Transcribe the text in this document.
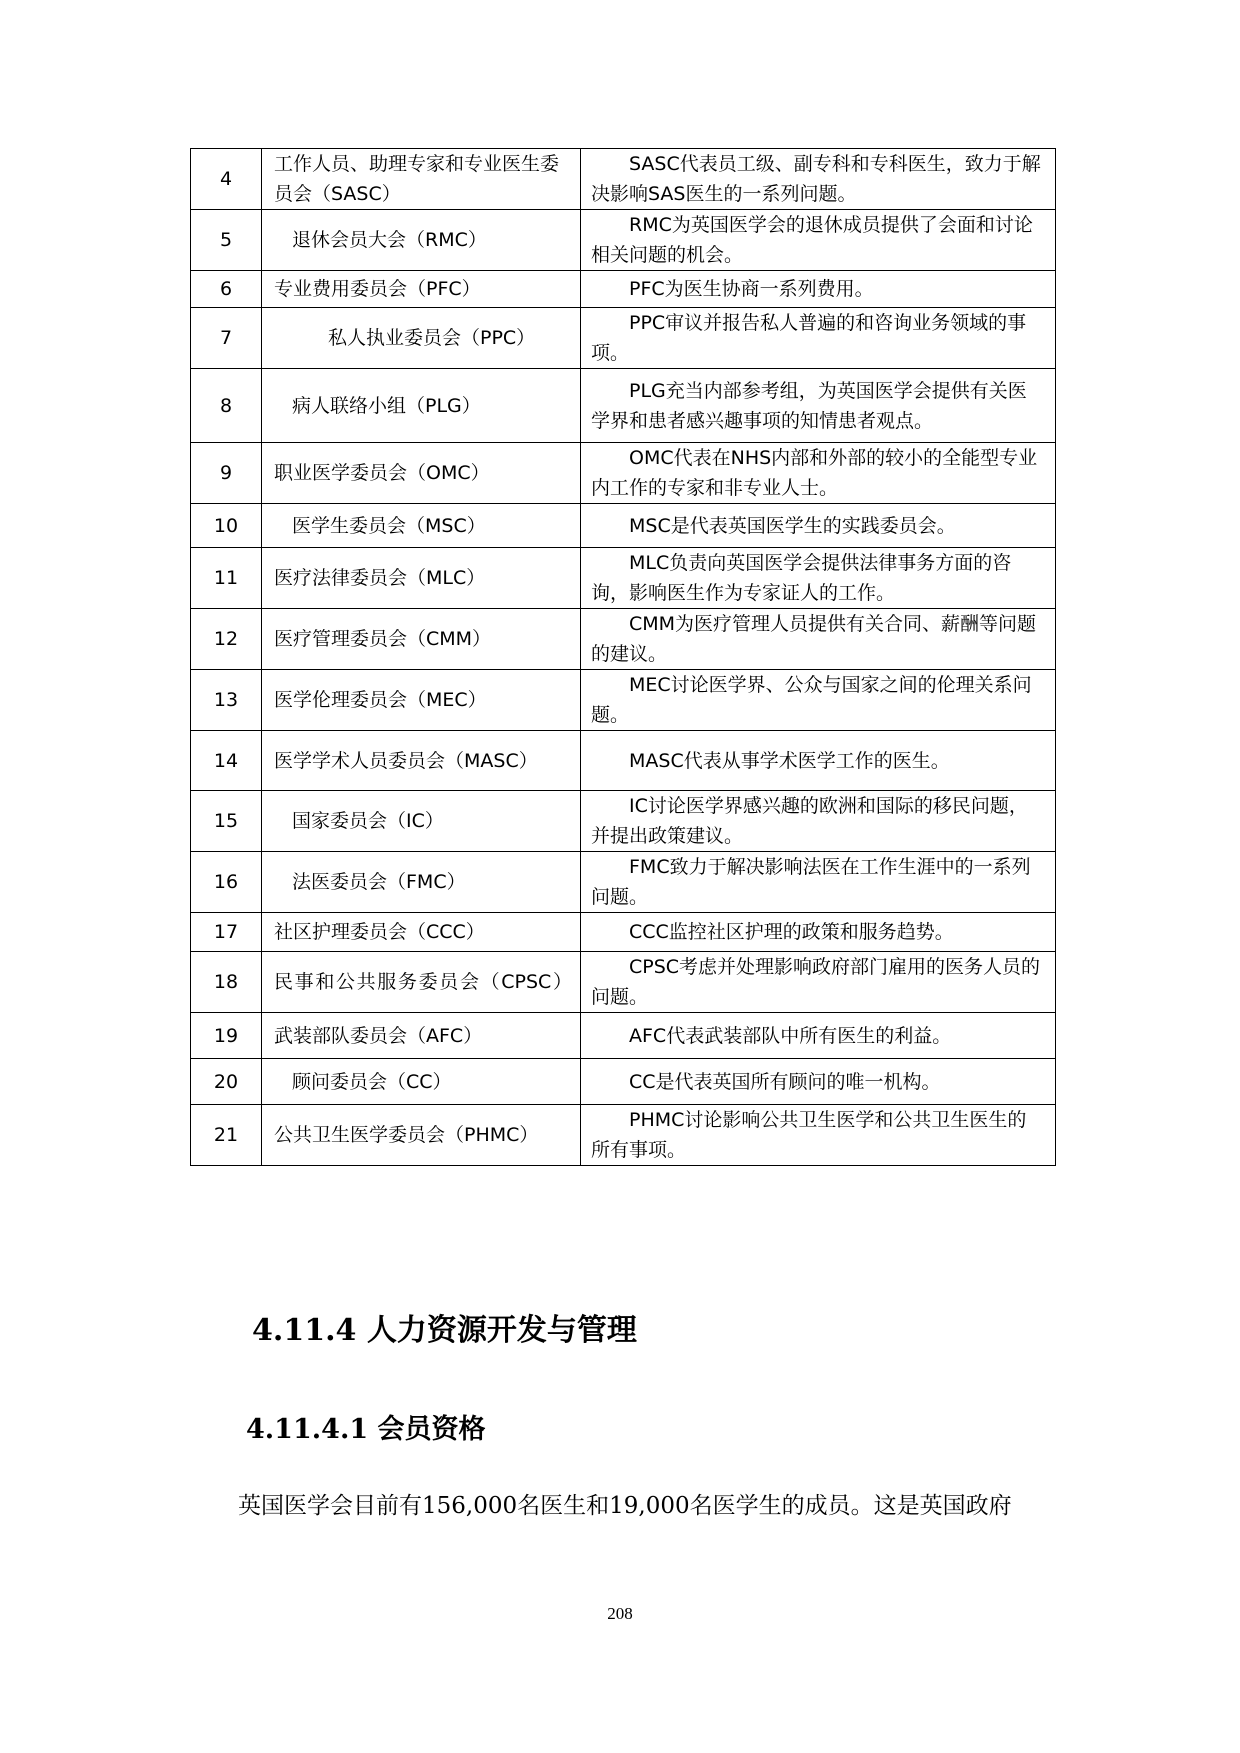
4	工作人员、助理专家和专业医生委员会（SASC）	SASC代表员工级、副专科和专科医生，致力于解决影响SAS医生的一系列问题。

5	退休会员大会（RMC）	RMC为英国医学会的退休成员提供了会面和讨论相关问题的机会。

6	专业费用委员会（PFC）	PFC为医生协商一系列费用。

7	私人执业委员会（PPC）	PPC审议并报告私人普遍的和咨询业务领域的事项。

8	病人联络小组（PLG）	PLG充当内部参考组，为英国医学会提供有关医学界和患者感兴趣事项的知情患者观点。

9	职业医学委员会（OMC）	OMC代表在NHS内部和外部的较小的全能型专业内工作的专家和非专业人士。

10	医学生委员会（MSC）	MSC是代表英国医学生的实践委员会。

11	医疗法律委员会（MLC）	MLC负责向英国医学会提供法律事务方面的咨询，影响医生作为专家证人的工作。

12	医疗管理委员会（CMM）	CMM为医疗管理人员提供有关合同、薪酬等问题的建议。

13	医学伦理委员会（MEC）	MEC讨论医学界、公众与国家之间的伦理关系问题。

14	医学学术人员委员会（MASC）	MASC代表从事学术医学工作的医生。

15	国家委员会（IC）	IC讨论医学界感兴趣的欧洲和国际的移民问题，并提出政策建议。

16	法医委员会（FMC）	FMC致力于解决影响法医在工作生涯中的一系列问题。

17	社区护理委员会（CCC）	CCC监控社区护理的政策和服务趋势。

18	民事和公共服务委员会（CPSC）	CPSC考虑并处理影响政府部门雇用的医务人员的问题。

19	武装部队委员会（AFC）	AFC代表武装部队中所有医生的利益。

20	顾问委员会（CC）	CC是代表英国所有顾问的唯一机构。

21	公共卫生医学委员会（PHMC）	PHMC讨论影响公共卫生医学和公共卫生医生的所有事项。
4.11.4 人力资源开发与管理
4.11.4.1 会员资格
英国医学会目前有156,000名医生和19,000名医学生的成员。这是英国政府
208
